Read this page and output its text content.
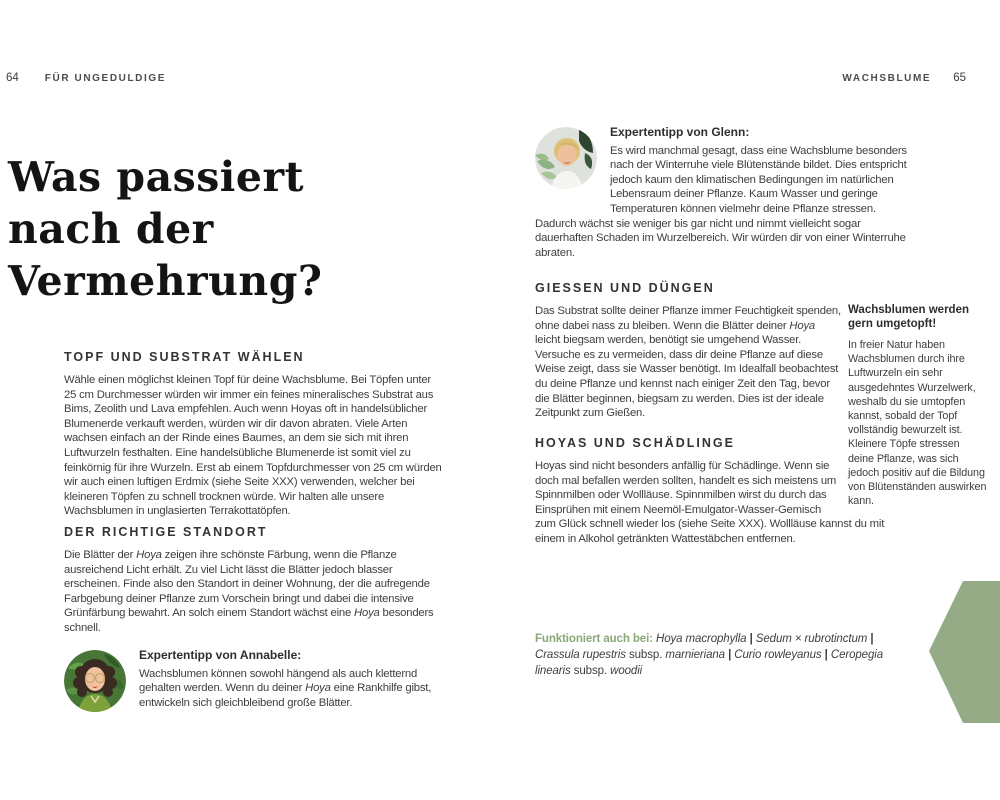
64	FÜR UNGEDULDIGE	WACHSBLUME 65
Was passiert
nach der
Vermehrung?
TOPF UND SUBSTRAT WÄHLEN

Wähle einen möglichst kleinen Topf für deine Wachsblume. Bei Töpfen unter 25 cm Durchmesser würden wir immer ein feines mineralisches Substrat aus Bims, Zeolith und Lava empfehlen. Auch wenn Hoyas oft in handelsüblicher Blumenerde verkauft werden, würden wir dir davon abraten. Viele Arten wachsen einfach an der Rinde eines Baumes, an dem sie sich mit ihren Luftwurzeln festhalten. Eine handelsübliche Blumenerde ist somit viel zu feinkörnig für ihre Wurzeln. Erst ab einem Topfdurchmesser von 25 cm würden wir auch einen luftigen Erdmix (siehe Seite XXX) verwenden, welcher bei kleineren Töpfen zu schnell trocknen würde. Wir halten alle unsere Wachsblumen in unglasierten Terrakottatöpfen.

DER RICHTIGE STANDORT

Die Blätter der Hoya zeigen ihre schönste Färbung, wenn die Pflanze ausreichend Licht erhält. Zu viel Licht lässt die Blätter jedoch blasser erscheinen. Finde also den Standort in deiner Wohnung, der die aufregende Farbgebung deiner Pflanze zum Vorschein bringt und dabei die intensive Grünfärbung bewahrt. An solch einem Standort wächst eine Hoya besonders schnell.

Expertentipp von Annabelle:

Wachsblumen können sowohl hängend als auch kletternd gehalten werden. Wenn du deiner Hoya eine Rankhilfe gibst, entwickeln sich gleichbleibend große Blätter.

Expertentipp von Glenn:

Es wird manchmal gesagt, dass eine Wachsblume besonders nach der Winterruhe viele Blütenstände bildet. Dies entspricht jedoch kaum den klimatischen Bedingungen im natürlichen Lebensraum deiner Pflanze. Kaum Wasser und geringe Temperaturen können vielmehr deine Pflanze stressen. Dadurch wächst sie weniger bis gar nicht und nimmt vielleicht sogar dauerhaften Schaden im Wurzelbereich. Wir würden dir von einer Winterruhe abraten.

GIESSEN UND DÜNGEN

Das Substrat sollte deiner Pflanze immer Feuchtigkeit spenden, ohne dabei nass zu bleiben. Wenn die Blätter deiner Hoya leicht biegsam werden, benötigt sie umgehend Wasser. Versuche es zu vermeiden, dass dir deine Pflanze auf diese Weise zeigt, dass sie Wasser benötigt. Im Idealfall beobachtest du deine Pflanze und kennst nach einiger Zeit den Tag, bevor die Blätter beginnen, biegsam zu werden. Dies ist der ideale Zeitpunkt zum Gießen.

Wachsblumen werden gern umgetopft!

In freier Natur haben Wachsblumen durch ihre Luftwurzeln ein sehr ausgedehntes Wurzelwerk, weshalb du sie umtopfen kannst, sobald der Topf vollständig bewurzelt ist. Kleinere Töpfe stressen deine Pflanze, was sich jedoch positiv auf die Bildung von Blütenständen auswirken kann.

HOYAS UND SCHÄDLINGE

Hoyas sind nicht besonders anfällig für Schädlinge. Wenn sie doch mal befallen werden sollten, handelt es sich meistens um Spinnmilben oder Wollläuse. Spinnmilben wirst du durch das Einsprühen mit einem Neemöl-Emulgator-Wasser-Gemisch zum Glück schnell wieder los (siehe Seite XXX). Wollläuse kannst du mit einem in Alkohol getränkten Wattestäbchen entfernen.

Funktioniert auch bei: Hoya macrophylla | Sedum × rubrotinctum | Crassula rupestris subsp. marnieriana | Curio rowleyanus | Ceropegia linearis subsp. woodii
